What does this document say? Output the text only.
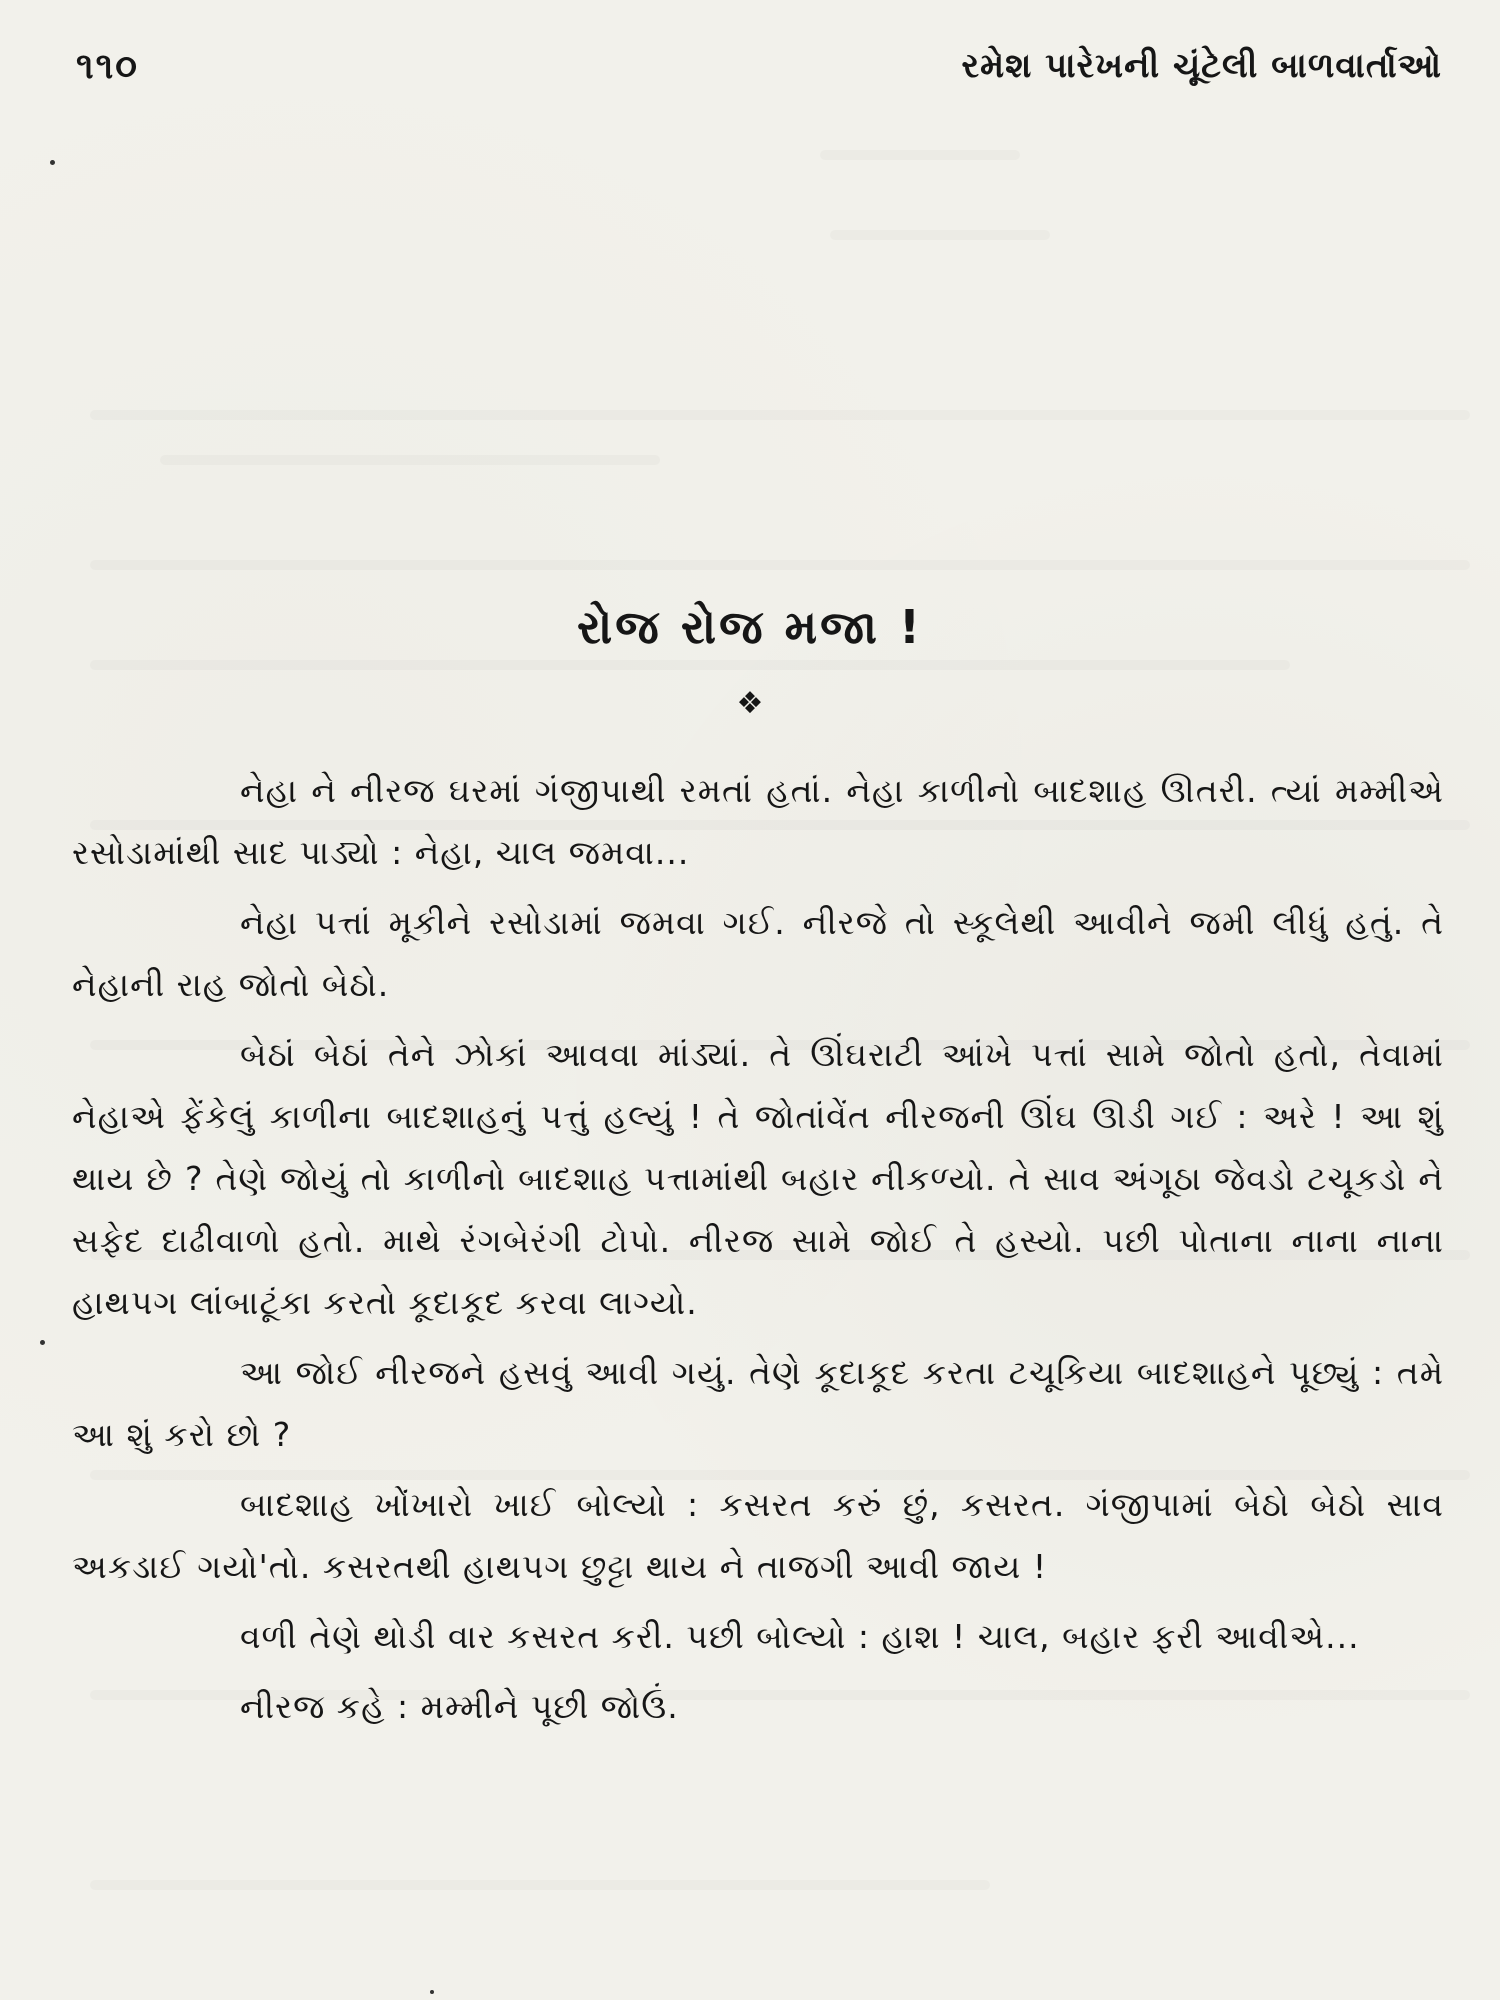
૧૧૦	રમેશ પારેખની ચૂંટેલી બાળવાર્તાઓ
રોજ રોજ મજા !
❖

નેહા ને નીરજ ઘરમાં ગંજીપાથી રમતાં હતાં. નેહા કાળીનો બાદશાહ ઊતરી. ત્યાં મમ્મીએ રસોડામાંથી સાદ પાડ્યો : નેહા, ચાલ જમવા...

નેહા પત્તાં મૂકીને રસોડામાં જમવા ગઈ. નીરજે તો સ્કૂલેથી આવીને જમી લીધું હતું. તે નેહાની રાહ જોતો બેઠો.

બેઠાં બેઠાં તેને ઝોકાં આવવા માંડ્યાં. તે ઊંઘરાટી આંખે પત્તાં સામે જોતો હતો, તેવામાં નેહાએ ફેંકેલું કાળીના બાદશાહનું પત્તું હલ્યું ! તે જોતાંવેંત નીરજની ઊંઘ ઊડી ગઈ : અરે ! આ શું થાય છે ? તેણે જોયું તો કાળીનો બાદશાહ પત્તામાંથી બહાર નીકળ્યો. તે સાવ અંગૂઠા જેવડો ટચૂકડો ને સફેદ દાઢીવાળો હતો. માથે રંગબેરંગી ટોપો. નીરજ સામે જોઈ તે હસ્યો. પછી પોતાના નાના નાના હાથપગ લાંબાટૂંકા કરતો કૂદાકૂદ કરવા લાગ્યો.

આ જોઈ નીરજને હસવું આવી ગયું. તેણે કૂદાકૂદ કરતા ટચૂકિયા બાદશાહને પૂછ્યું : તમે આ શું કરો છો ?

બાદશાહ ખોંખારો ખાઈ બોલ્યો : કસરત કરું છું, કસરત. ગંજીપામાં બેઠો બેઠો સાવ અકડાઈ ગયો'તો. કસરતથી હાથપગ છુટ્ટા થાય ને તાજગી આવી જાય !

વળી તેણે થોડી વાર કસરત કરી. પછી બોલ્યો : હાશ ! ચાલ, બહાર ફરી આવીએ...

નીરજ કહે : મમ્મીને પૂછી જોઉં.
